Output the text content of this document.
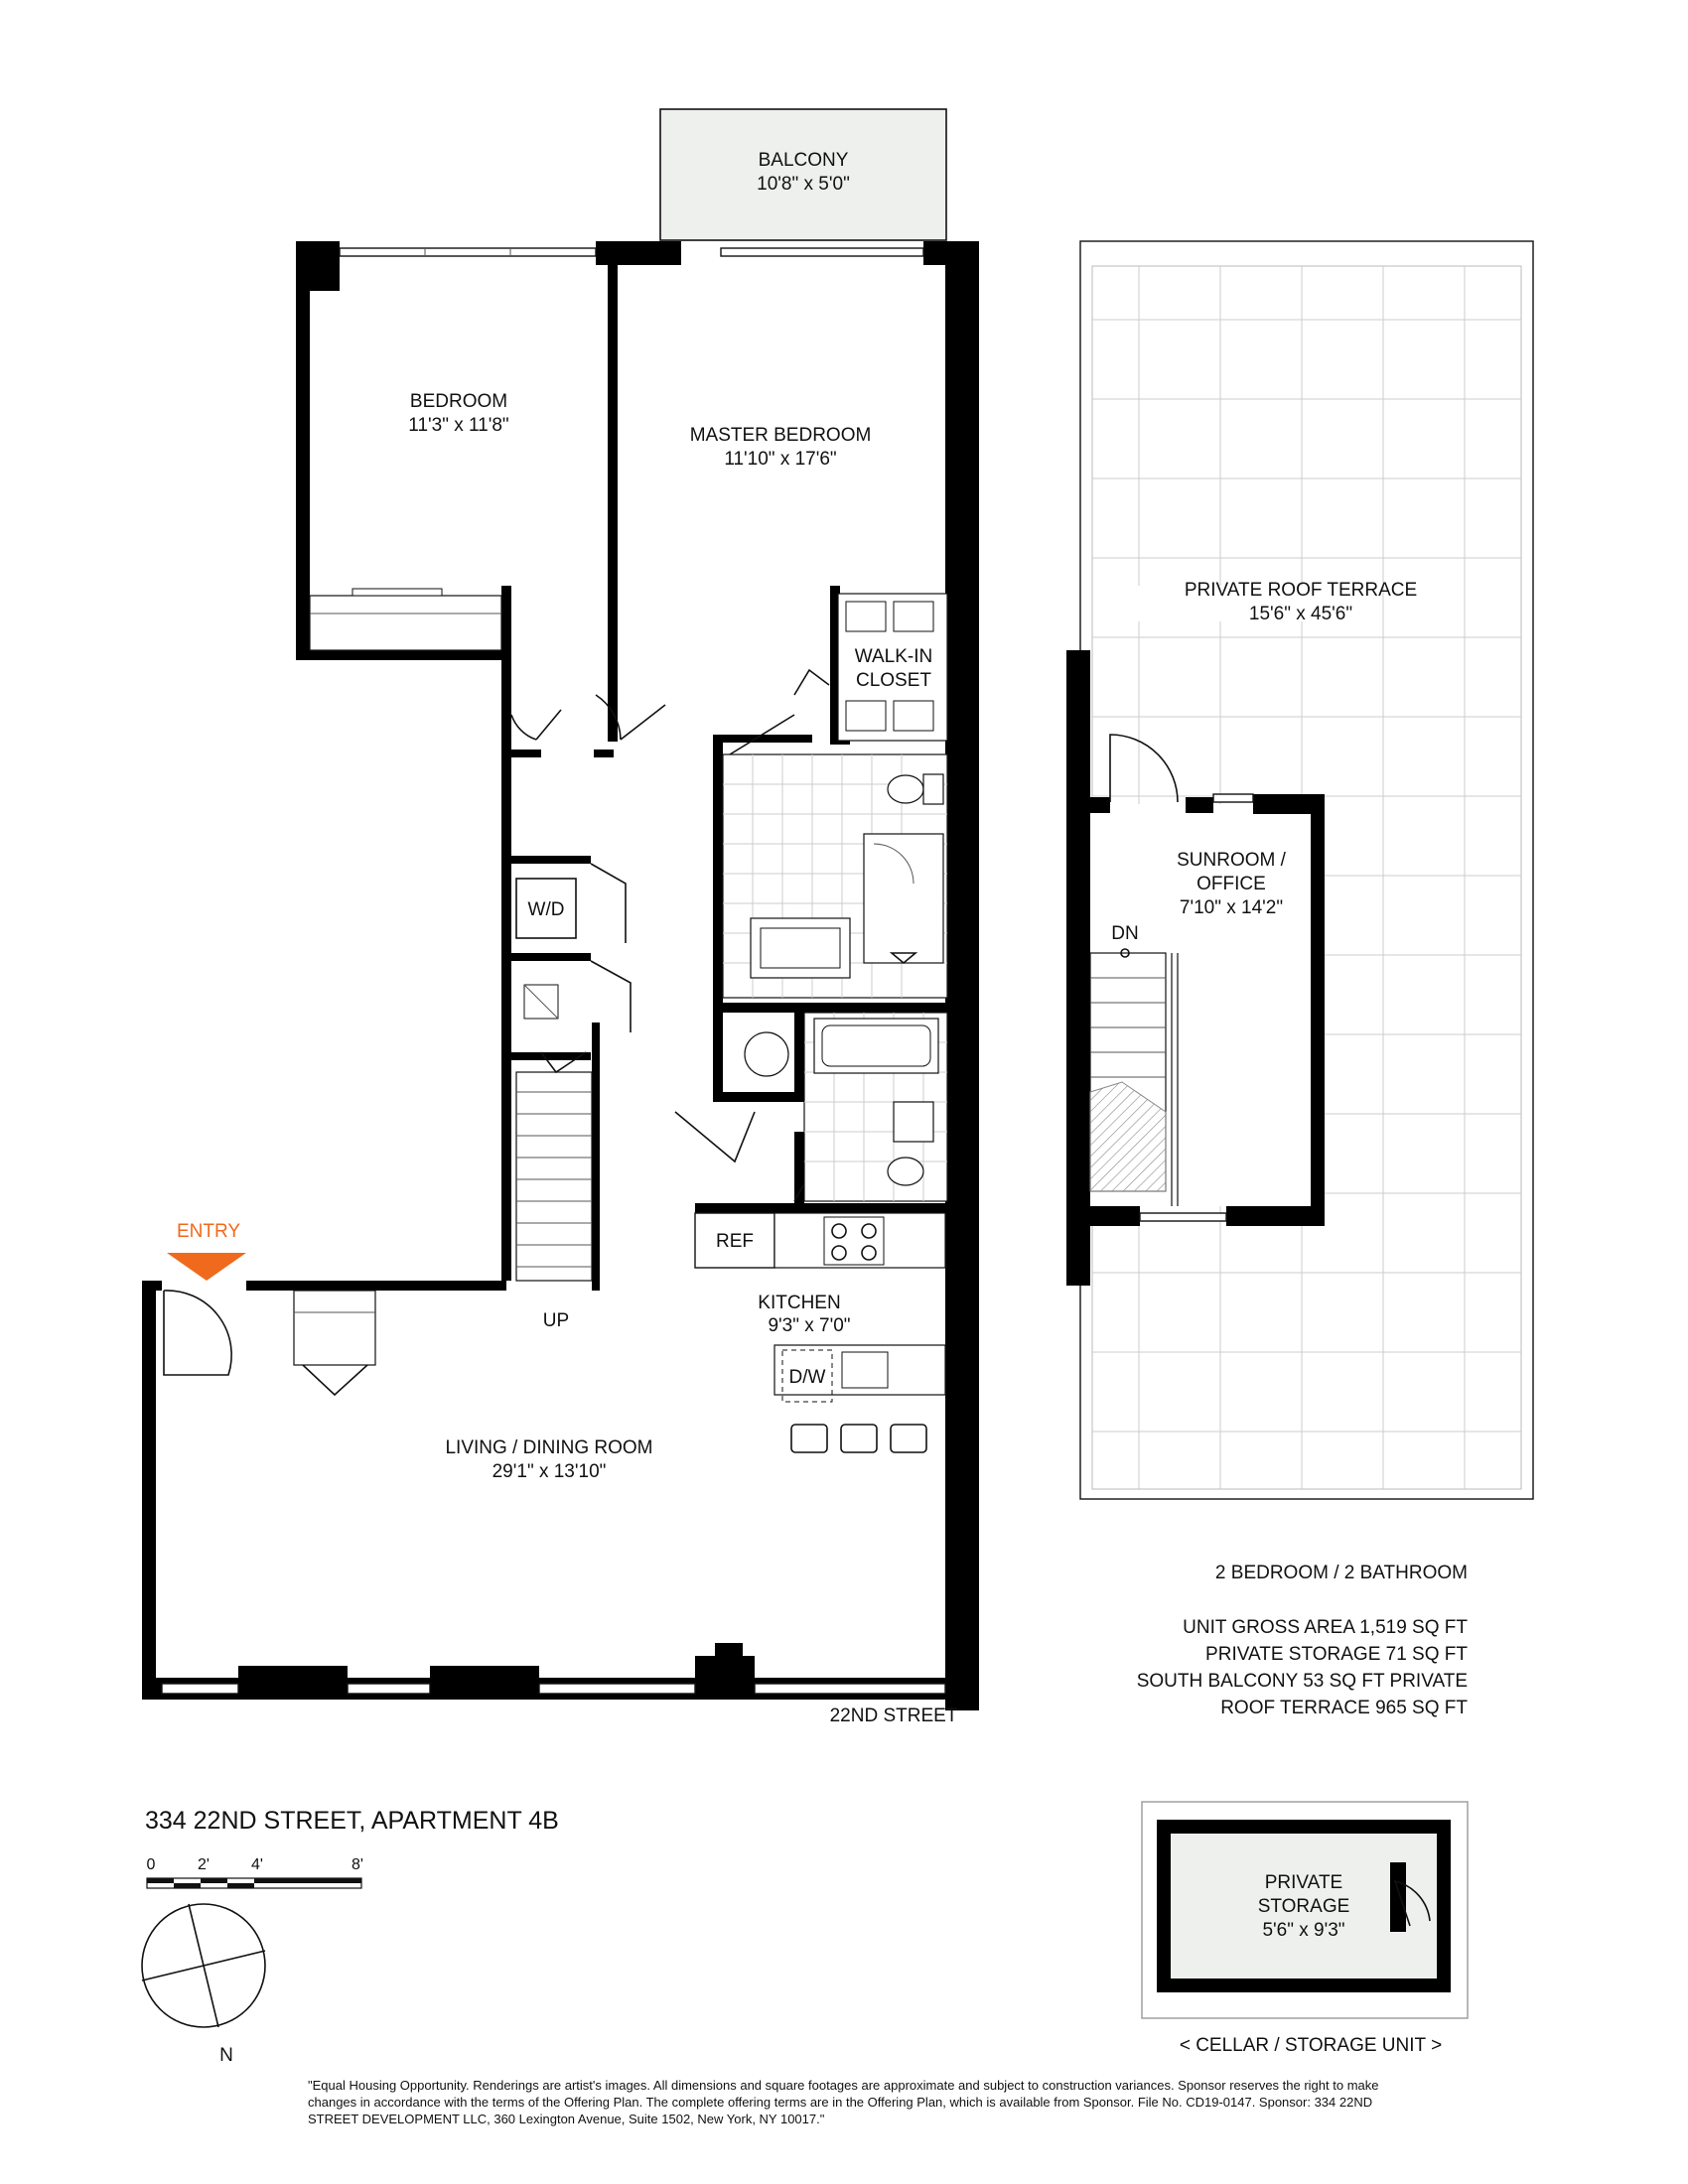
BALCONY
10'8" x 5'0"
W/D
UP
WALK-IN
CLOSET
REF
KITCHEN
9'3" x 7'0"
D/W
BEDROOM
11'3" x 11'8"	MASTER BEDROOM
11'10" x 17'6"
LIVING / DINING ROOM
29'1" x 13'10"
ENTRY
22ND STREET
PRIVATE ROOF TERRACE
15'6" x 45'6"
DN
SUNROOM /
OFFICE
7'10" x 14'2"
2 BEDROOM / 2 BATHROOM
UNIT GROSS AREA 1,519 SQ FT
PRIVATE STORAGE 71 SQ FT
SOUTH BALCONY 53 SQ FT PRIVATE
ROOF TERRACE 965 SQ FT
334 22ND STREET, APARTMENT 4B
0	2'	4'	8'
N
PRIVATE
STORAGE
5'6" x 9'3"
< CELLAR / STORAGE UNIT >
"Equal Housing Opportunity. Renderings are artist's images. All dimensions and square footages are approximate and subject to construction variances. Sponsor reserves the right to make changes in accordance with the terms of the Offering Plan. The complete offering terms are in the Offering Plan, which is available from Sponsor. File No. CD19-0147. Sponsor: 334 22ND STREET DEVELOPMENT LLC, 360 Lexington Avenue, Suite 1502, New York, NY 10017."
